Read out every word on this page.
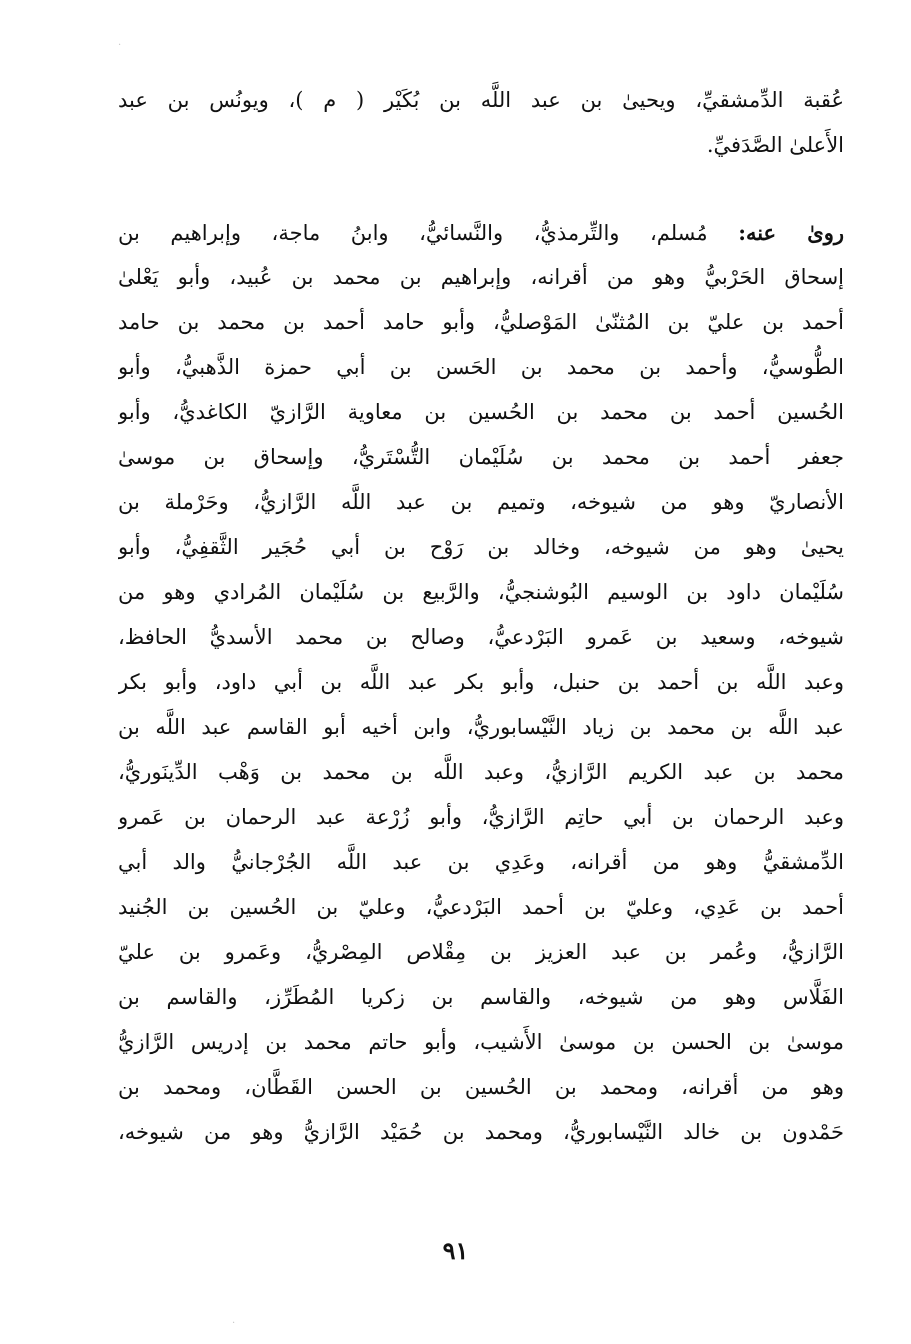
·
·
عُقبة الدِّمشقيِّ، ويحيىٰ بن عبد اللَّه بن بُكَيْر ( م )، ويونُس بن عبد
الأَعلىٰ الصَّدَفيِّ.
رویٰ عنه: مُسلم، والتِّرمذيُّ، والنَّسائيُّ، وابنُ ماجة، وإبراهيم بن
إسحاق الحَرْبيُّ وهو من أقرانه، وإبراهيم بن محمد بن عُبيد، وأبو يَعْلىٰ
أحمد بن عليّ بن المُثنّىٰ المَوْصليُّ، وأبو حامد أحمد بن محمد بن حامد
الطُّوسيُّ، وأحمد بن محمد بن الحَسن بن أبي حمزة الذَّهبيُّ، وأبو
الحُسين أحمد بن محمد بن الحُسين بن معاوية الرَّازيّ الكاغديُّ، وأبو
جعفر أحمد بن محمد بن سُلَيْمان التُّسْتَريُّ، وإسحاق بن موسىٰ
الأنصاريّ وهو من شيوخه، وتميم بن عبد اللَّه الرَّازيُّ، وحَرْملة بن
يحيىٰ وهو من شيوخه، وخالد بن رَوْح بن أبي حُجَير الثَّقفِيُّ، وأبو
سُلَيْمان داود بن الوسيم البُوشنجيُّ، والرَّبيع بن سُلَيْمان المُرادي وهو من
شيوخه، وسعيد بن عَمرو البَرْدعيُّ، وصالح بن محمد الأسديُّ الحافظ،
وعبد اللَّه بن أحمد بن حنبل، وأبو بكر عبد اللَّه بن أبي داود، وأبو بكر
عبد اللَّه بن محمد بن زياد النَّيْسابوريُّ، وابن أخيه أبو القاسم عبد اللَّه بن
محمد بن عبد الكريم الرَّازيُّ، وعبد اللَّه بن محمد بن وَهْب الدِّينَوريُّ،
وعبد الرحمان بن أبي حاتِم الرَّازيُّ، وأبو زُرْعة عبد الرحمان بن عَمرو
الدِّمشقيُّ وهو من أقرانه، وعَدِي بن عبد اللَّه الجُرْجانيُّ والد أبي
أحمد بن عَدِي، وعليّ بن أحمد البَرْدعيُّ، وعليّ بن الحُسين بن الجُنيد
الرَّازيُّ، وعُمر بن عبد العزيز بن مِقْلاص المِصْريُّ، وعَمرو بن عليّ
الفَلَّاس وهو من شيوخه، والقاسم بن زكريا المُطَرِّز، والقاسم بن
موسىٰ بن الحسن بن موسىٰ الأَشيب، وأبو حاتم محمد بن إدريس الرَّازيُّ
وهو من أقرانه، ومحمد بن الحُسين بن الحسن القَطَّان، ومحمد بن
حَمْدون بن خالد النَّيْسابوريُّ، ومحمد بن حُمَيْد الرَّازيُّ وهو من شيوخه،
٩١
